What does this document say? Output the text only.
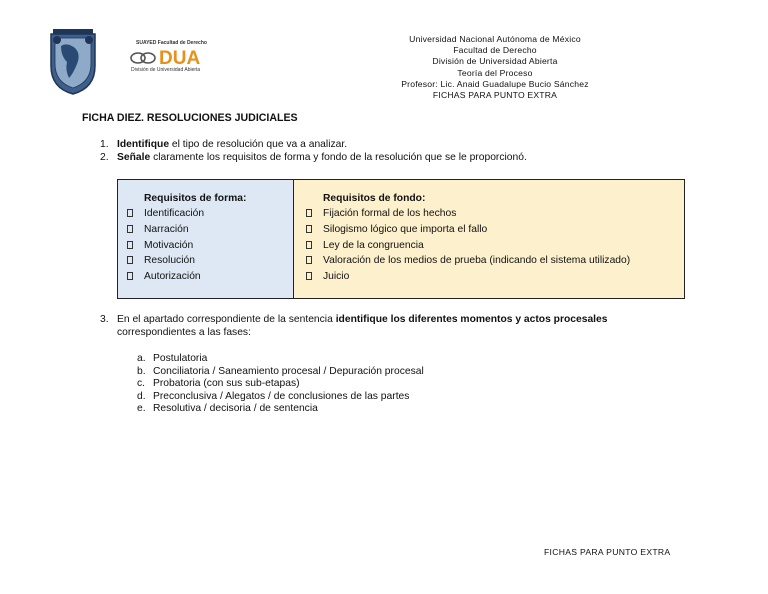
SUAYED Facultad de Derecho
DUA
División de Universidad Abierta
Universidad Nacional Autónoma de México
Facultad de Derecho
División de Universidad Abierta
Teoría del Proceso
Profesor: Lic. Anaid Guadalupe Bucio Sánchez
FICHAS PARA PUNTO EXTRA
FICHA DIEZ. RESOLUCIONES JUDICIALES
1. Identifique el tipo de resolución que va a analizar.
2. Señale claramente los requisitos de forma y fondo de la resolución que se le proporcionó.
Requisitos de forma:
Identificación
Narración
Motivación
Resolución
Autorización
Requisitos de fondo:
Fijación formal de los hechos
Silogismo lógico que importa el fallo
Ley de la congruencia
Valoración de los medios de prueba (indicando el sistema utilizado)
Juicio
3. En el apartado correspondiente de la sentencia identifique los diferentes momentos y actos procesales
correspondientes a las fases:
a. Postulatoria
b. Conciliatoria / Saneamiento procesal / Depuración procesal
c. Probatoria (con sus sub-etapas)
d. Preconclusiva / Alegatos / de conclusiones de las partes
e. Resolutiva / decisoria / de sentencia
FICHAS PARA PUNTO EXTRA
